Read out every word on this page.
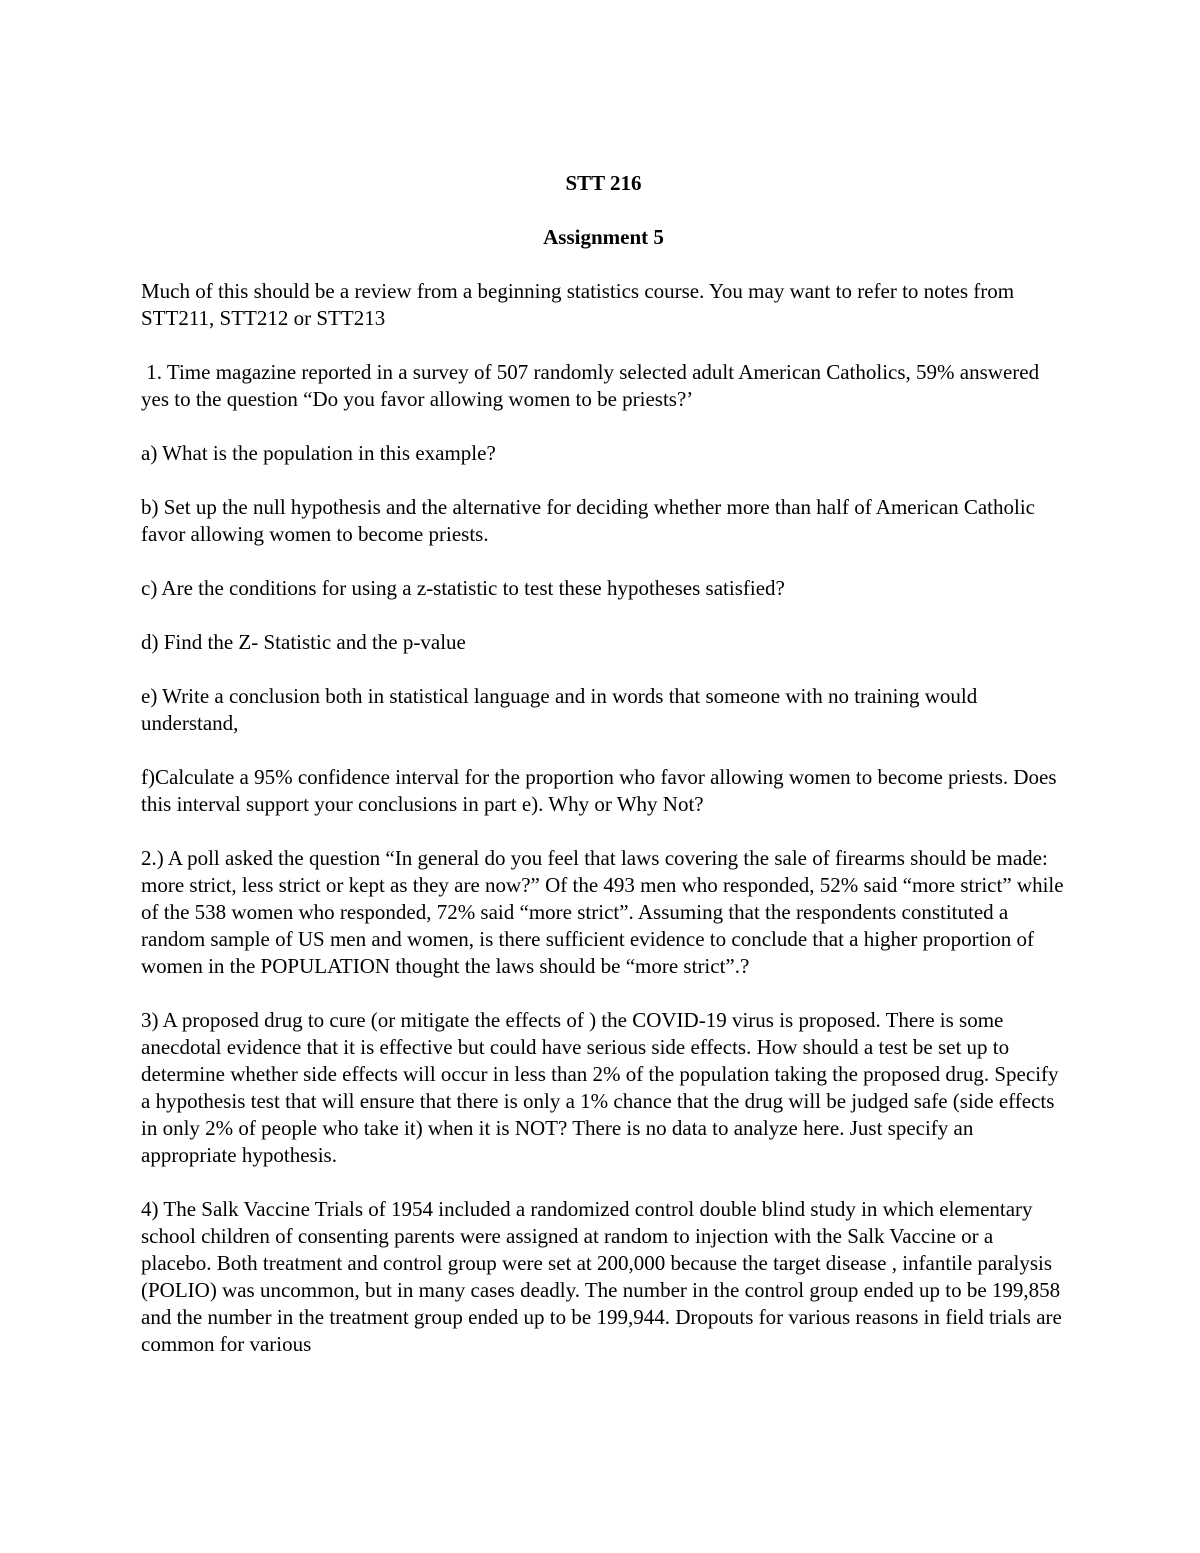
STT 216
Assignment 5

Much of this should be a review from a beginning statistics course. You may want to refer to notes from STT211, STT212 or STT213

1. Time magazine reported in a survey of 507 randomly selected adult American Catholics, 59% answered yes to the question “Do you favor allowing women to be priests?’

a) What is the population in this example?

b) Set up the null hypothesis and the alternative for deciding whether more than half of American Catholic favor allowing women to become priests.

c) Are the conditions for using a z-statistic to test these hypotheses satisfied?

d) Find the Z- Statistic and the p-value

e) Write a conclusion both in statistical language and in words that someone with no training would understand,

f)Calculate a 95% confidence interval for the proportion who favor allowing women to become priests. Does this interval support your conclusions in part e). Why or Why Not?

2.) A poll asked the question “In general do you feel that laws covering the sale of firearms should be made: more strict, less strict or kept as they are now?” Of the 493 men who responded, 52% said “more strict” while of the 538 women who responded, 72% said “more strict”. Assuming that the respondents constituted a random sample of US men and women, is there sufficient evidence to conclude that a higher proportion of women in the POPULATION thought the laws should be “more strict”.?

3) A proposed drug to cure (or mitigate the effects of ) the COVID-19 virus is proposed. There is some anecdotal evidence that it is effective but could have serious side effects. How should a test be set up to determine whether side effects will occur in less than 2% of the population taking the proposed drug. Specify a hypothesis test that will ensure that there is only a 1% chance that the drug will be judged safe (side effects in only 2% of people who take it) when it is NOT? There is no data to analyze here. Just specify an appropriate hypothesis.

4) The Salk Vaccine Trials of 1954 included a randomized control double blind study in which elementary school children of consenting parents were assigned at random to injection with the Salk Vaccine or a placebo. Both treatment and control group were set at 200,000 because the target disease , infantile paralysis (POLIO) was uncommon, but in many cases deadly. The number in the control group ended up to be 199,858 and the number in the treatment group ended up to be 199,944. Dropouts for various reasons in field trials are common for various
